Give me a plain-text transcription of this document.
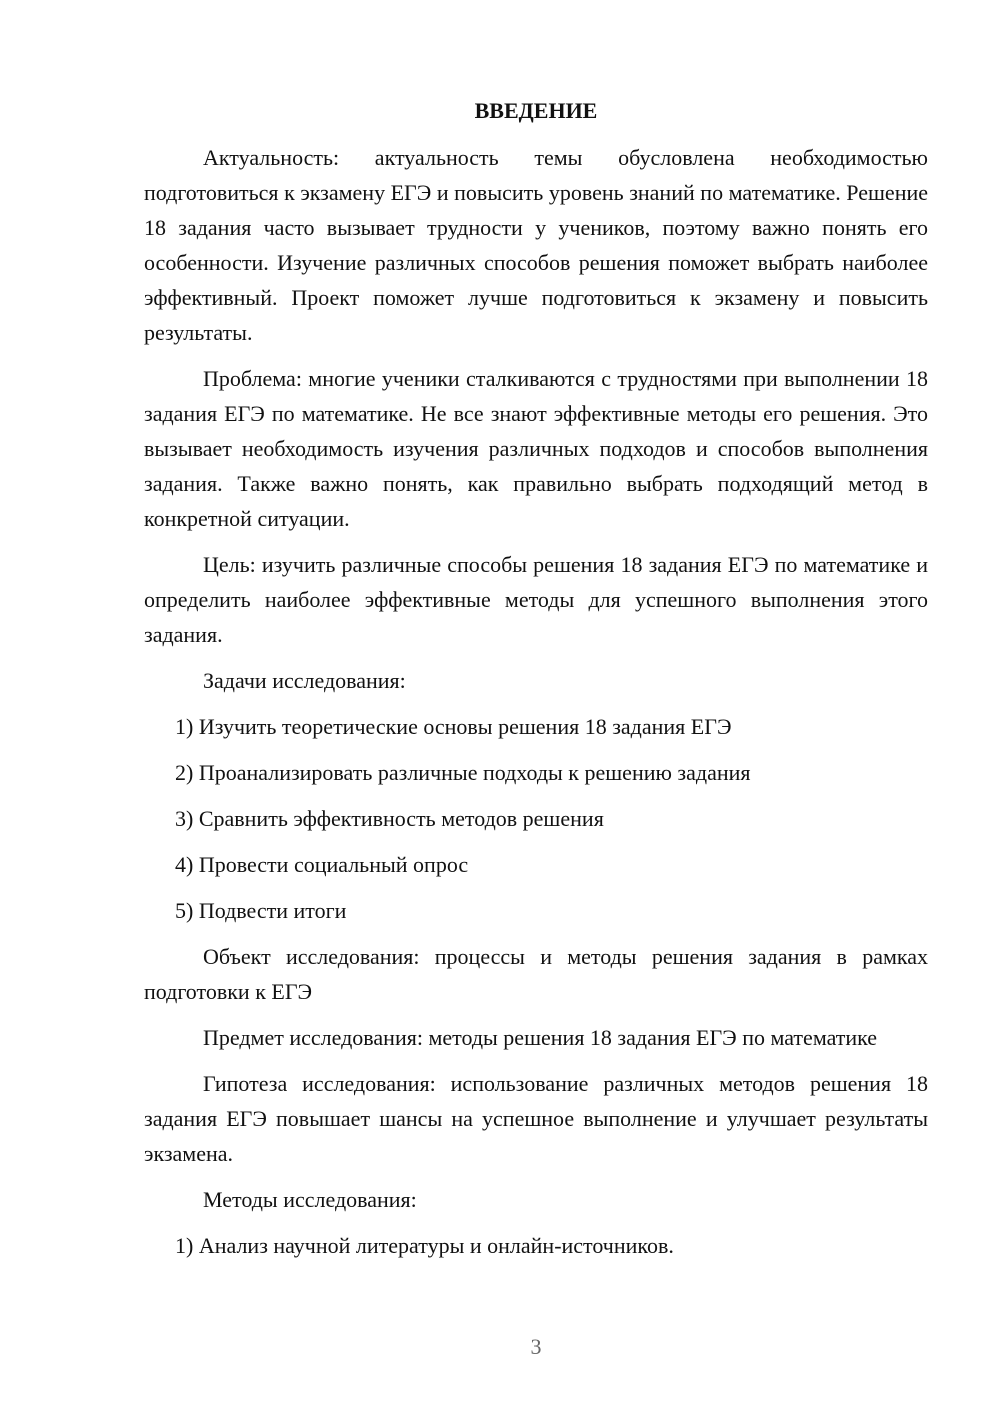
ВВЕДЕНИЕ

Актуальность: актуальность темы обусловлена необходимостью подготовиться к экзамену ЕГЭ и повысить уровень знаний по математике. Решение 18 задания часто вызывает трудности у учеников, поэтому важно понять его особенности. Изучение различных способов решения поможет выбрать наиболее эффективный. Проект поможет лучше подготовиться к экзамену и повысить результаты.

Проблема: многие ученики сталкиваются с трудностями при выполнении 18 задания ЕГЭ по математике. Не все знают эффективные методы его решения. Это вызывает необходимость изучения различных подходов и способов выполнения задания. Также важно понять, как правильно выбрать подходящий метод в конкретной ситуации.

Цель: изучить различные способы решения 18 задания ЕГЭ по математике и определить наиболее эффективные методы для успешного выполнения этого задания.

Задачи исследования:

1) Изучить теоретические основы решения 18 задания ЕГЭ
2) Проанализировать различные подходы к решению задания
3) Сравнить эффективность методов решения
4) Провести социальный опрос
5) Подвести итоги

Объект исследования: процессы и методы решения задания в рамках подготовки к ЕГЭ

Предмет исследования: методы решения 18 задания ЕГЭ по математике

Гипотеза исследования: использование различных методов решения 18 задания ЕГЭ повышает шансы на успешное выполнение и улучшает результаты экзамена.

Методы исследования:

1) Анализ научной литературы и онлайн-источников.
3
